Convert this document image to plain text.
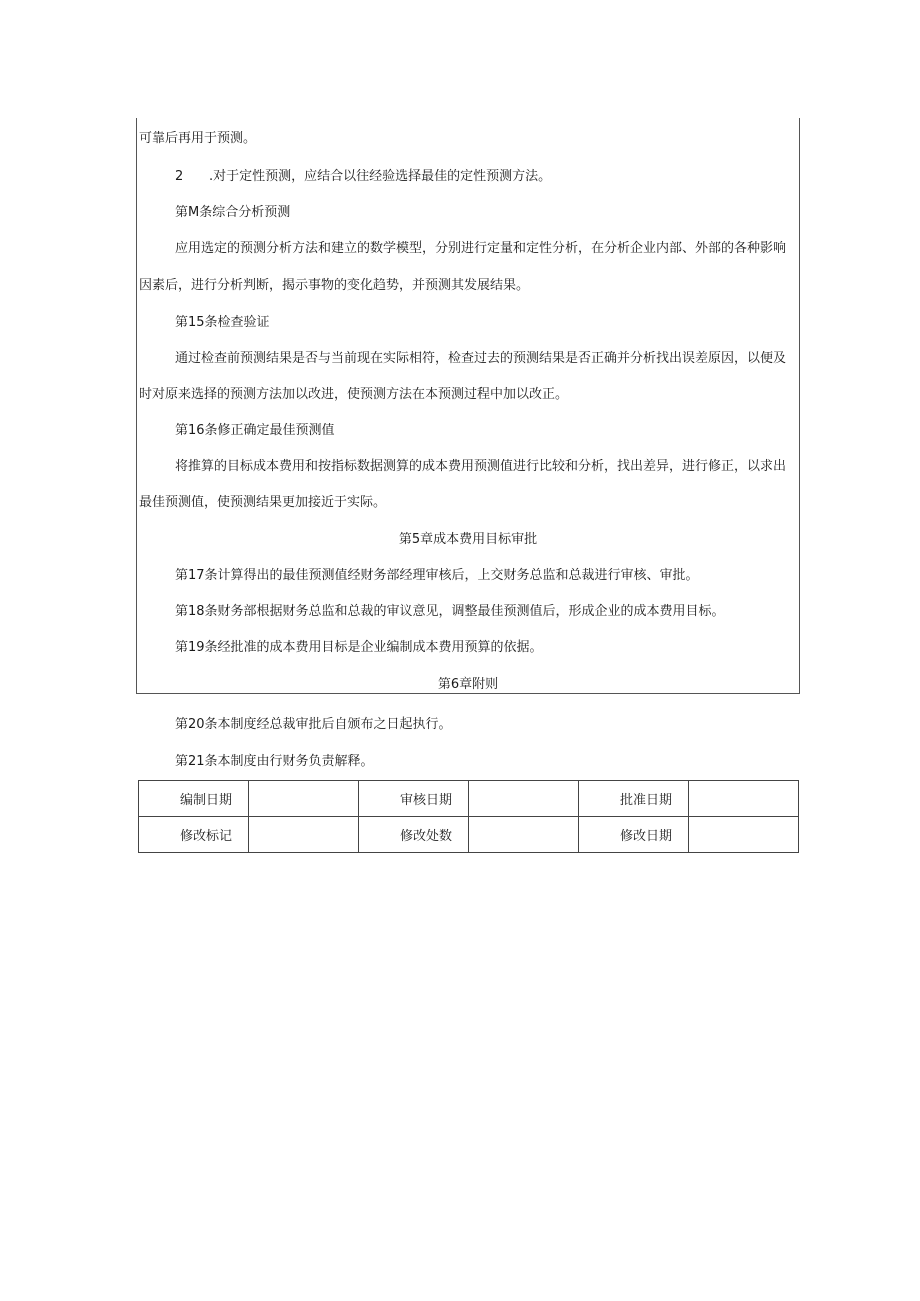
可靠后再用于预测。
2 .对于定性预测，应结合以往经验选择最佳的定性预测方法。
第M条综合分析预测
应用选定的预测分析方法和建立的数学模型，分别进行定量和定性分析，在分析企业内部、外部的各种影响
因素后，进行分析判断，揭示事物的变化趋势，并预测其发展结果。
第15条检查验证
通过检查前预测结果是否与当前现在实际相符，检查过去的预测结果是否正确并分析找出误差原因，以便及
时对原来选择的预测方法加以改进，使预测方法在本预测过程中加以改正。
第16条修正确定最佳预测值
将推算的目标成本费用和按指标数据测算的成本费用预测值进行比较和分析，找出差异，进行修正，以求出
最佳预测值，使预测结果更加接近于实际。
第5章成本费用目标审批
第17条计算得出的最佳预测值经财务部经理审核后，上交财务总监和总裁进行审核、审批。
第18条财务部根据财务总监和总裁的审议意见，调整最佳预测值后，形成企业的成本费用目标。
第19条经批准的成本费用目标是企业编制成本费用预算的依据。
第6章附则
第20条本制度经总裁审批后自颁布之日起执行。
第21条本制度由行财务负责解释。
编制日期		审核日期		批准日期	
修改标记		修改处数		修改日期	
